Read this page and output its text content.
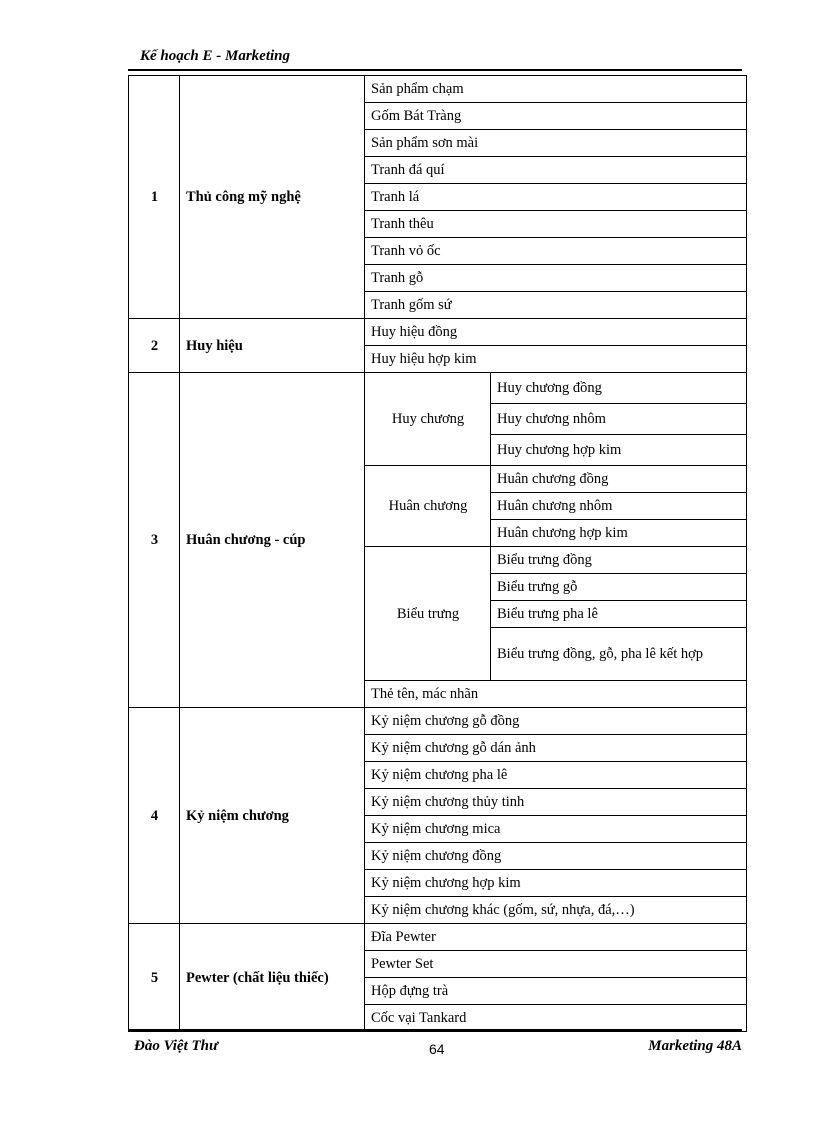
Kế hoạch E - Marketing
1	Thủ công mỹ nghệ	Sản phẩm chạm	
		Gốm Bát Tràng	
		Sản phẩm sơn mài	
		Tranh đá quí	
		Tranh lá	
		Tranh thêu	
		Tranh vỏ ốc	
		Tranh gỗ	
		Tranh gốm sứ	
2	Huy hiệu	Huy hiệu đồng	
		Huy hiệu hợp kim	
3	Huân chương - cúp	Huy chương	Huy chương đồng
			Huy chương nhôm
			Huy chương hợp kim
		Huân chương	Huân chương đồng
			Huân chương nhôm
			Huân chương hợp kim
		Biểu trưng	Biểu trưng đồng
			Biểu trưng gỗ
			Biểu trưng pha lê
			Biểu trưng đồng, gỗ, pha lê kết hợp
		Thẻ tên, mác nhãn	
4	Kỷ niệm chương	Kỷ niệm chương gỗ đồng	
		Kỷ niệm chương gỗ dán ảnh	
		Kỷ niệm chương pha lê	
		Kỷ niệm chương thủy tinh	
		Kỷ niệm chương mica	
		Kỷ niệm chương đồng	
		Kỷ niệm chương hợp kim	
		Kỷ niệm chương khác (gốm, sứ, nhựa, đá,…)	
5	Pewter (chất liệu thiếc)	Đĩa Pewter	
		Pewter Set	
		Hộp đựng trà	
		Cốc vại Tankard	
Đào Việt Thư	64	Marketing 48A
